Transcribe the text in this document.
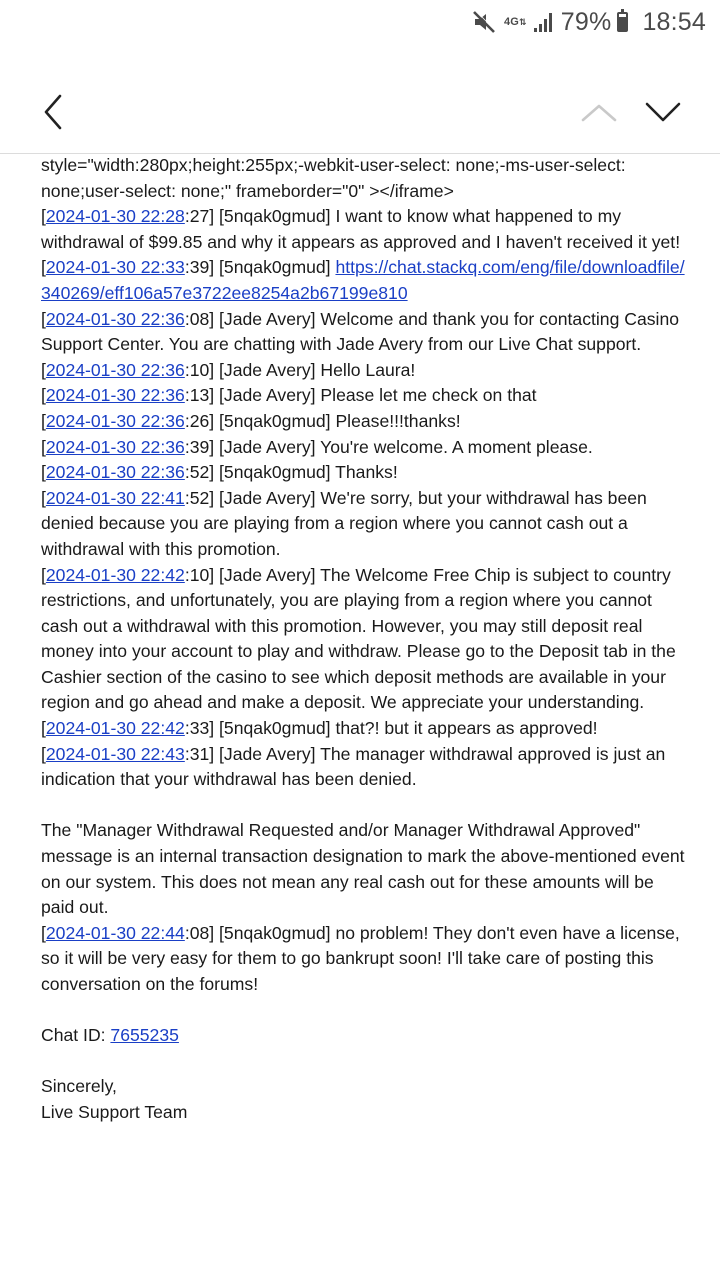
4G ⇅ 79% 18:54

style="width:280px;height:255px;-webkit-user-select: none;-ms-user-select: none;user-select: none;" frameborder="0" ></iframe>

[2024-01-30 22:28:27] [5nqak0gmud] I want to know what happened to my withdrawal of $99.85 and why it appears as approved and I haven't received it yet!

[2024-01-30 22:33:39] [5nqak0gmud] https://chat.stackq.com/eng/file/downloadfile/340269/eff106a57e3722ee8254a2b67199e810

[2024-01-30 22:36:08] [Jade Avery] Welcome and thank you for contacting Casino Support Center. You are chatting with Jade Avery from our Live Chat support.

[2024-01-30 22:36:10] [Jade Avery] Hello Laura!

[2024-01-30 22:36:13] [Jade Avery] Please let me check on that

[2024-01-30 22:36:26] [5nqak0gmud] Please!!!thanks!

[2024-01-30 22:36:39] [Jade Avery] You're welcome. A moment please.

[2024-01-30 22:36:52] [5nqak0gmud] Thanks!

[2024-01-30 22:41:52] [Jade Avery] We're sorry, but your withdrawal has been denied because you are playing from a region where you cannot cash out a withdrawal with this promotion.

[2024-01-30 22:42:10] [Jade Avery] The Welcome Free Chip is subject to country restrictions, and unfortunately, you are playing from a region where you cannot cash out a withdrawal with this promotion. However, you may still deposit real money into your account to play and withdraw. Please go to the Deposit tab in the Cashier section of the casino to see which deposit methods are available in your region and go ahead and make a deposit. We appreciate your understanding.

[2024-01-30 22:42:33] [5nqak0gmud] that?! but it appears as approved!

[2024-01-30 22:43:31] [Jade Avery] The manager withdrawal approved is just an indication that your withdrawal has been denied.

The "Manager Withdrawal Requested and/or Manager Withdrawal Approved" message is an internal transaction designation to mark the above-mentioned event on our system. This does not mean any real cash out for these amounts will be paid out.

[2024-01-30 22:44:08] [5nqak0gmud] no problem! They don't even have a license, so it will be very easy for them to go bankrupt soon! I'll take care of posting this conversation on the forums!

Chat ID: 7655235

Sincerely,

Live Support Team
